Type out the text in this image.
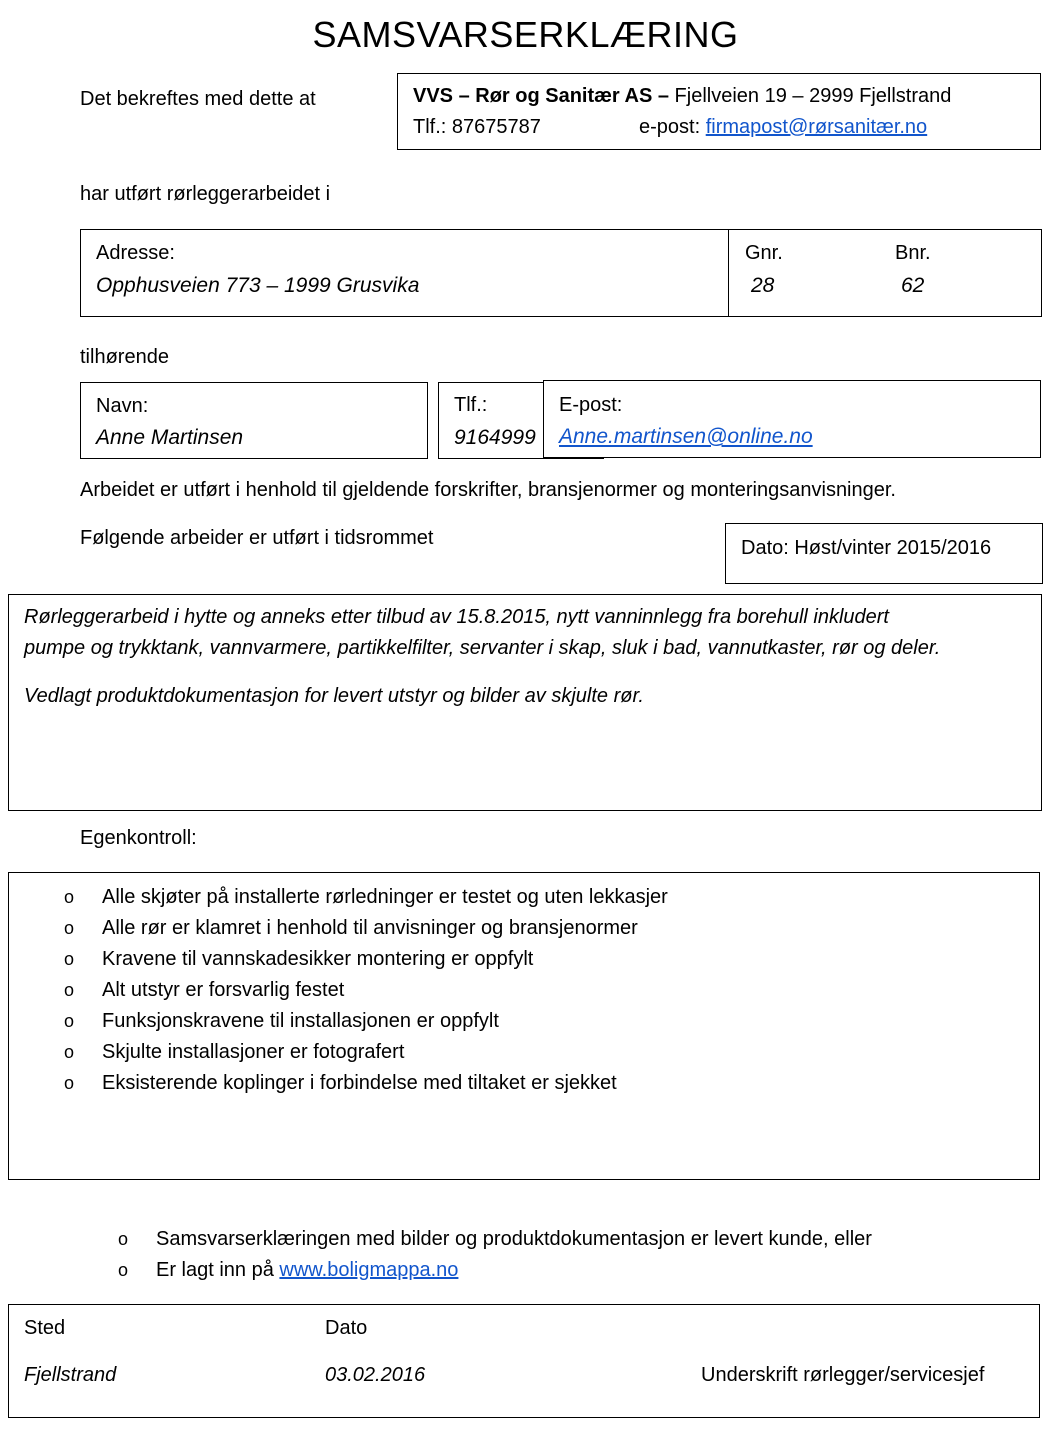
SAMSVARSERKLÆRING
Det bekreftes med dette at	VVS – Rør og Sanitær AS – Fjellveien 19 – 2999 Fjellstrand
Tlf.: 87675787	e-post: firmapost@rørsanitær.no
har utført rørleggerarbeidet i
Adresse:
Opphusveien 773 – 1999 Grusvika
Gnr.
28
Bnr.
62
tilhørende
Navn:
Anne Martinsen
Tlf.:
9164999
E-post:
Anne.martinsen@online.no
Arbeidet er utført i henhold til gjeldende forskrifter, bransjenormer og monteringsanvisninger.
Følgende arbeider er utført i tidsrommet	Dato: Høst/vinter 2015/2016
Rørleggerarbeid i hytte og anneks etter tilbud av 15.8.2015, nytt vanninnlegg fra borehull inkludert
pumpe og trykktank, vannvarmere, partikkelfilter, servanter i skap, sluk i bad, vannutkaster, rør og deler.
Vedlagt produktdokumentasjon for levert utstyr og bilder av skjulte rør.
Egenkontroll:
o Alle skjøter på installerte rørledninger er testet og uten lekkasjer
o Alle rør er klamret i henhold til anvisninger og bransjenormer
o Kravene til vannskadesikker montering er oppfylt
o Alt utstyr er forsvarlig festet
o Funksjonskravene til installasjonen er oppfylt
o Skjulte installasjoner er fotografert
o Eksisterende koplinger i forbindelse med tiltaket er sjekket
o Samsvarserklæringen med bilder og produktdokumentasjon er levert kunde, eller
o Er lagt inn på www.boligmappa.no
Sted
Fjellstrand
Dato
03.02.2016	Underskrift rørlegger/servicesjef
